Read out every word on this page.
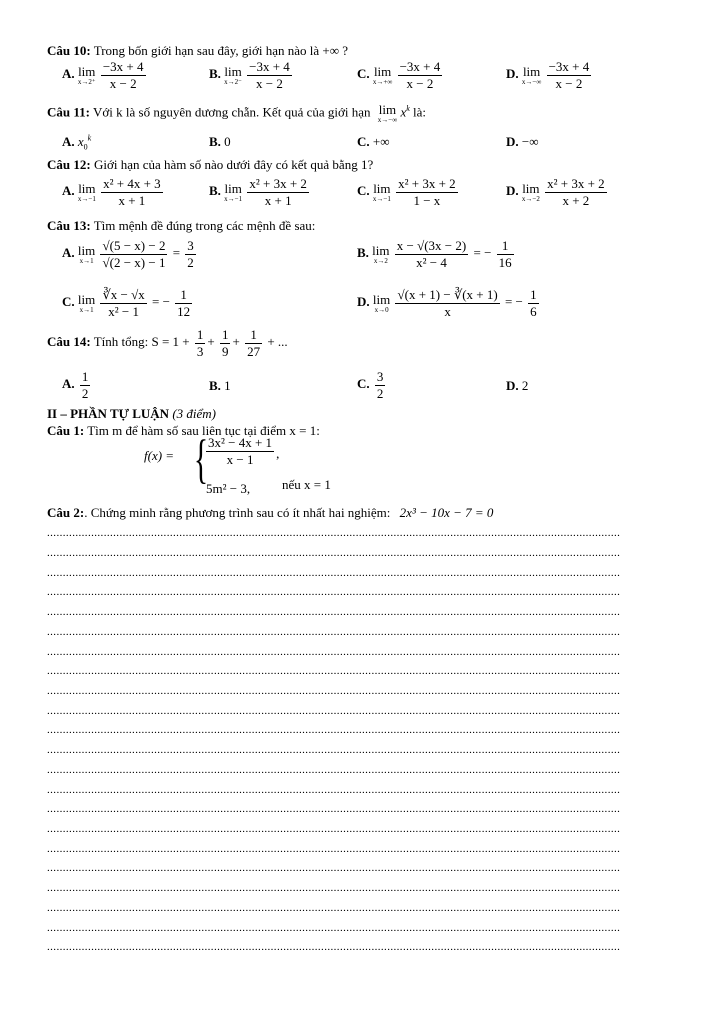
Câu 10: Trong bốn giới hạn sau đây, giới hạn nào là +∞ ?
A. lim
x→2⁺
$\frac{-3x + 4}{x - 2}$	B. lim
x→2⁻
$\frac{-3x + 4}{x - 2}$	C. lim
x→+∞
$\frac{-3x + 4}{x - 2}$	D. lim
x→−∞
$\frac{-3x + 4}{x - 2}$
Câu 11: Với k là số nguyên dương chẵn. Kết quả của giới hạn lim
x→−∞
$x^k$ là:
A. $x_0^k$	B. 0	C. +∞	D. −∞
Câu 12: Giới hạn của hàm số nào dưới đây có kết quả bằng 1?
A. lim
x→−1
$\frac{\text{x² + 4x + 3}}{x + 1}$	B. lim
x→−1
$\frac{\text{x² + 3x + 2}}{x + 1}$	C. lim
x→−1
$\frac{\text{x² + 3x + 2}}{1 - x}$	D. lim
x→−2
$\frac{\text{x² + 3x + 2}}{x + 2}$
Câu 13: Tìm mệnh đề đúng trong các mệnh đề sau:
A. lim
x→1
$\frac{√(5 - x) - 2}{√(2 - x) - 1} = \frac{3}{2}$	B. lim
x→2
$\frac{x - √(3x - 2)}{\text{x² − 4}}$ = − $\frac{1}{16}$
C. lim
x→1
$\frac{∛x - √x}{\text{x² − 1}}$ = − $\frac{1}{12}$	D. lim
x→0
$\frac{√(x + 1) - ∛(x + 1)}{x}$ = − $\frac{1}{6}$
Câu 14: Tính tổng: $S = 1 + \frac{1}{3} + \frac{1}{9} + \frac{1}{27}$ + ...
A. $\frac{1}{2}$	B. 1	C. $\frac{3}{2}$	D. 2
II – PHẦN TỰ LUẬN (3 điểm)
Câu 1: Tìm m để hàm số sau liên tục tại điểm x = 1:
f(x) = {
$\frac{\text{3x² − 4x + 1}}{x - 1}$ ,
5m² − 3, nếu x = 1
Câu 2:. Chứng minh rằng phương trình sau có ít nhất hai nghiệm: 2x³ − 10x − 7 = 0
......................................................................................................................................................................................
......................................................................................................................................................................................
......................................................................................................................................................................................
......................................................................................................................................................................................
......................................................................................................................................................................................
......................................................................................................................................................................................
......................................................................................................................................................................................
......................................................................................................................................................................................
......................................................................................................................................................................................
......................................................................................................................................................................................
......................................................................................................................................................................................
......................................................................................................................................................................................
......................................................................................................................................................................................
......................................................................................................................................................................................
......................................................................................................................................................................................
......................................................................................................................................................................................
......................................................................................................................................................................................
......................................................................................................................................................................................
......................................................................................................................................................................................
......................................................................................................................................................................................
......................................................................................................................................................................................
......................................................................................................................................................................................
